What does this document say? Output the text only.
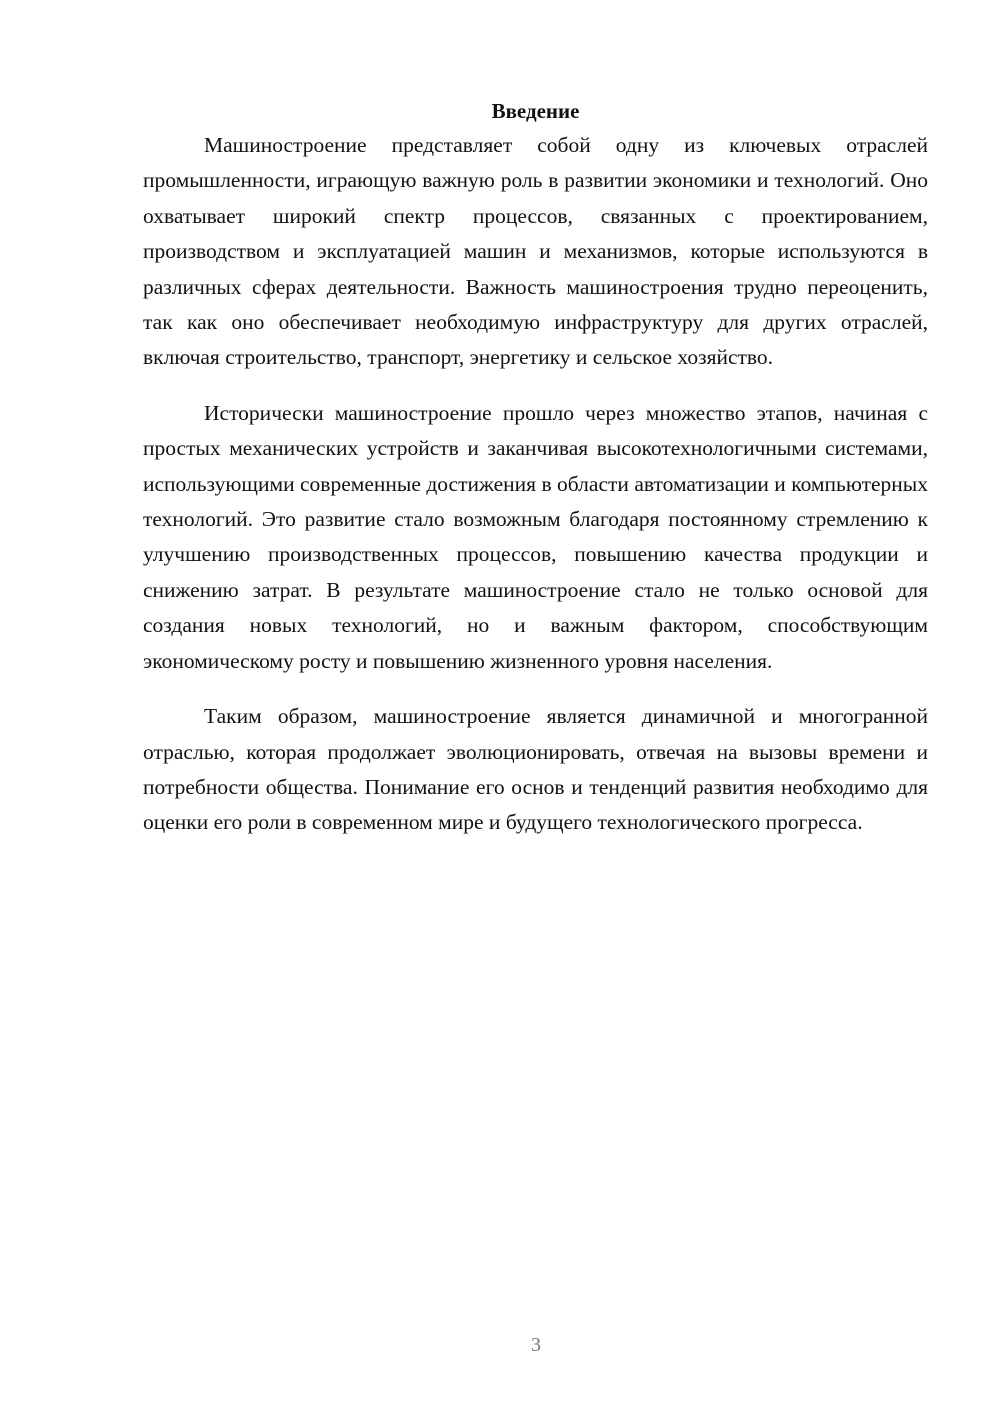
Введение

Машиностроение представляет собой одну из ключевых отраслей промышленности, играющую важную роль в развитии экономики и технологий. Оно охватывает широкий спектр процессов, связанных с проектированием, производством и эксплуатацией машин и механизмов, которые используются в различных сферах деятельности. Важность машиностроения трудно переоценить, так как оно обеспечивает необходимую инфраструктуру для других отраслей, включая строительство, транспорт, энергетику и сельское хозяйство.

Исторически машиностроение прошло через множество этапов, начиная с простых механических устройств и заканчивая высокотехнологичными системами, использующими современные достижения в области автоматизации и компьютерных технологий. Это развитие стало возможным благодаря постоянному стремлению к улучшению производственных процессов, повышению качества продукции и снижению затрат. В результате машиностроение стало не только основой для создания новых технологий, но и важным фактором, способствующим экономическому росту и повышению жизненного уровня населения.

Таким образом, машиностроение является динамичной и многогранной отраслью, которая продолжает эволюционировать, отвечая на вызовы времени и потребности общества. Понимание его основ и тенденций развития необходимо для оценки его роли в современном мире и будущего технологического прогресса.

3
